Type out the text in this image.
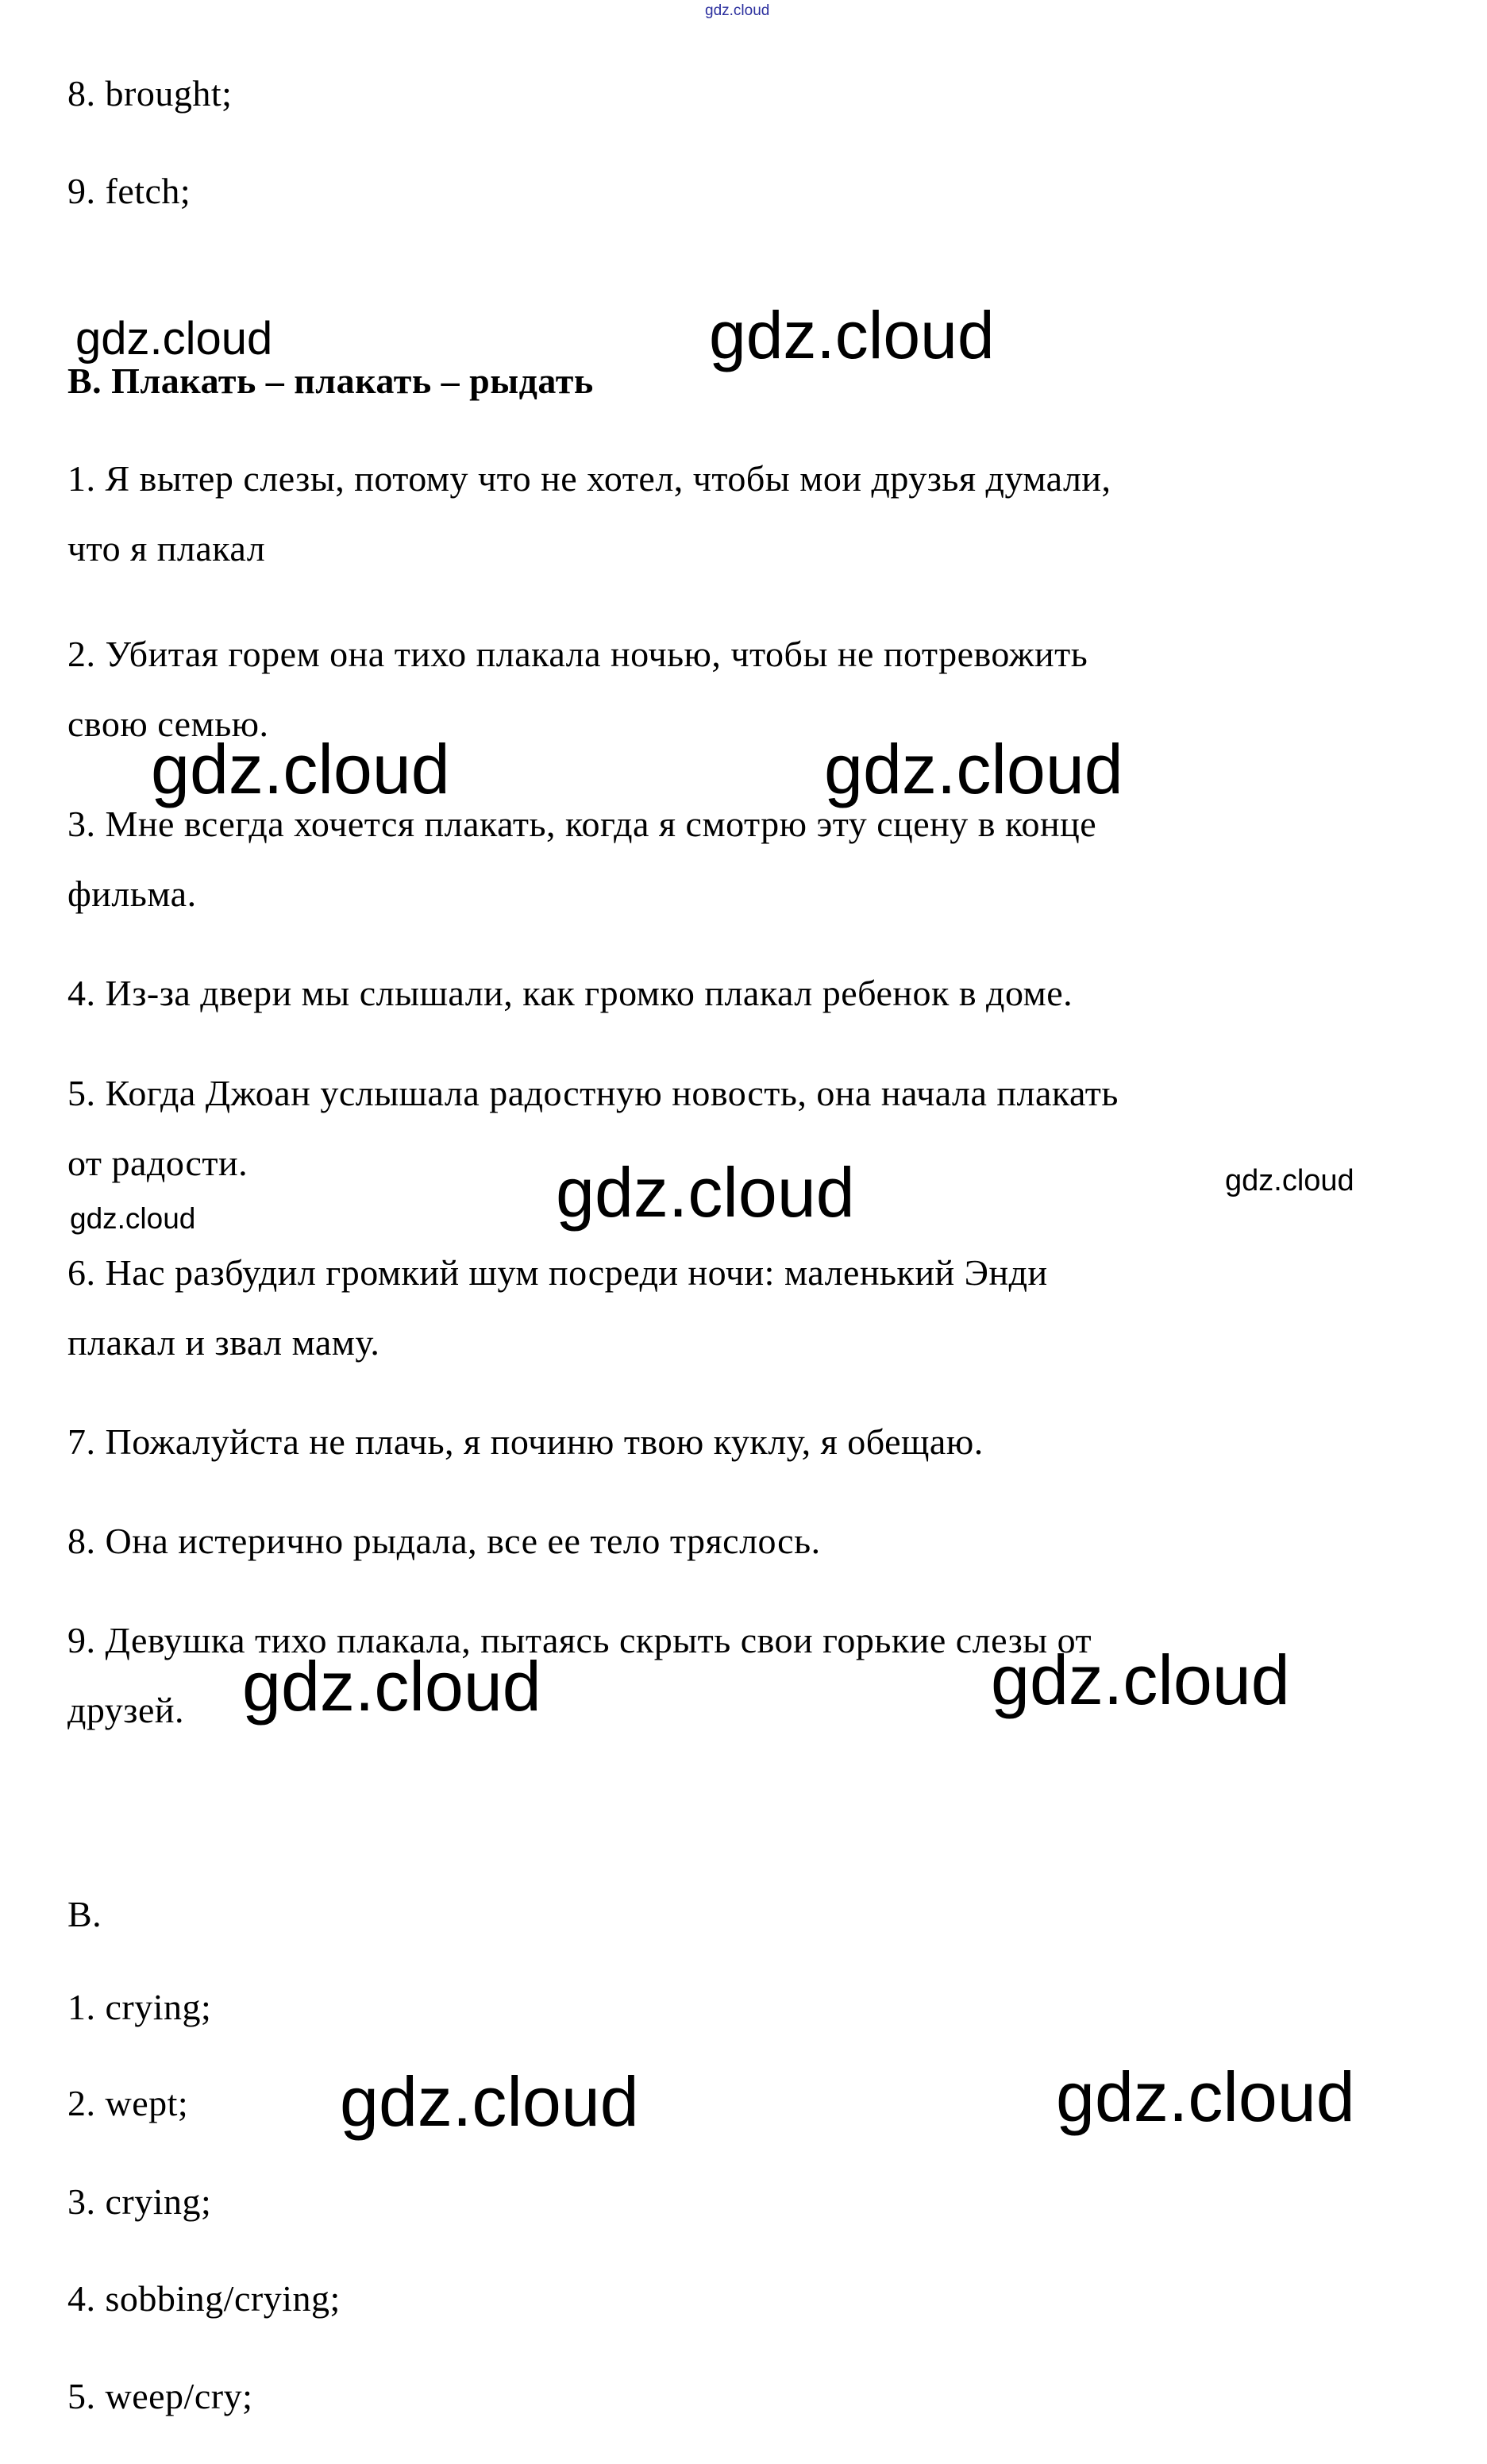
8. brought;
9. fetch;
В. Плакать – плакать – рыдать
1. Я вытер слезы, потому что не хотел, чтобы мои друзья думали,
что я плакал
2. Убитая горем она тихо плакала ночью, чтобы не потревожить
свою семью.
3. Мне всегда хочется плакать, когда я смотрю эту сцену в конце
фильма.
4. Из-за двери мы слышали, как громко плакал ребенок в доме.
5. Когда Джоан услышала радостную новость, она начала плакать
от радости.
6. Нас разбудил громкий шум посреди ночи: маленький Энди
плакал и звал маму.
7. Пожалуйста не плачь, я починю твою куклу, я обещаю.
8. Она истерично рыдала, все ее тело тряслось.
9. Девушка тихо плакала, пытаясь скрыть свои горькие слезы от
друзей.
В.
1. crying;
2. wept;
3. crying;
4. sobbing/crying;
5. weep/cry;
gdz.cloud
gdz.cloud	gdz.cloud
gdz.cloud	gdz.cloud
gdz.cloud	gdz.cloud	gdz.cloud
gdz.cloud	gdz.cloud
gdz.cloud	gdz.cloud
